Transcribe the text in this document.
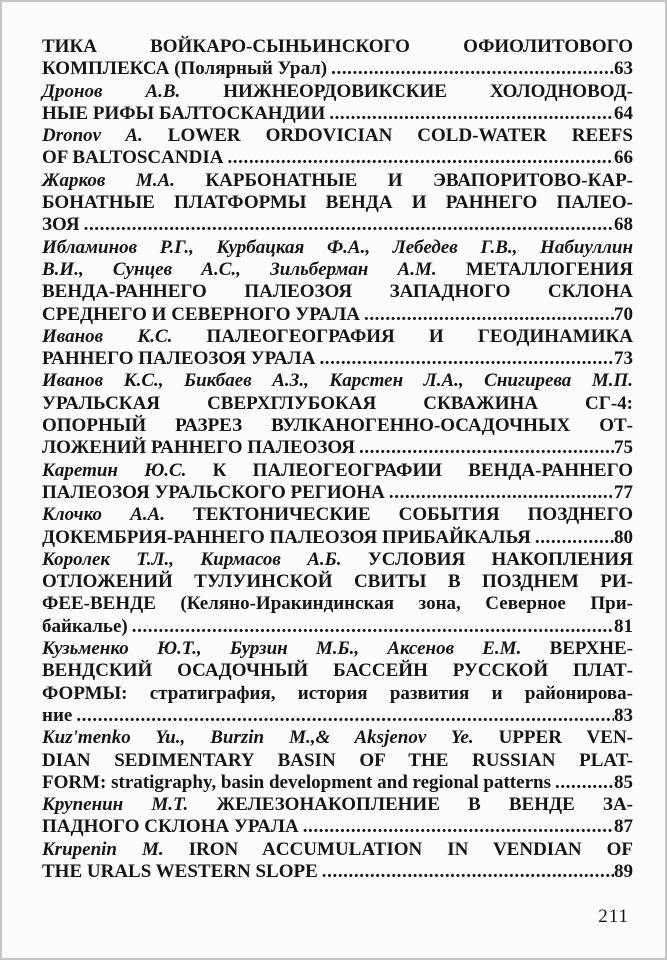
ТИКА ВОЙКАРО-СЫНЬИНСКОГО ОФИОЛИТОВОГО
КОМПЛЕКСА (Полярный Урал) .....	63
Дронов А.В. НИЖНЕОРДОВИКСКИЕ ХОЛОДНОВОД-
НЫЕ РИФЫ БАЛТОСКАНДИИ .....	64
Dronov A. LOWER ORDOVICIAN COLD-WATER REEFS
OF BALTOSCANDIA .....	66
Жарков М.А. КАРБОНАТНЫЕ И ЭВАПОРИТОВО-КАР-
БОНАТНЫЕ ПЛАТФОРМЫ ВЕНДА И РАННЕГО ПАЛЕО-
ЗОЯ .....	68
Ибламинов Р.Г., Курбацкая Ф.А., Лебедев Г.В., Набиуллин
В.И., Сунцев А.С., Зильберман А.М. МЕТАЛЛОГЕНИЯ
ВЕНДА-РАННЕГО ПАЛЕОЗОЯ ЗАПАДНОГО СКЛОНА
СРЕДНЕГО И СЕВЕРНОГО УРАЛА .....	70
Иванов К.С. ПАЛЕОГЕОГРАФИЯ И ГЕОДИНАМИКА
РАННЕГО ПАЛЕОЗОЯ УРАЛА .....	73
Иванов К.С., Бикбаев А.З., Карстен Л.А., Снигирева М.П.
УРАЛЬСКАЯ СВЕРХГЛУБОКАЯ СКВАЖИНА СГ-4:
ОПОРНЫЙ РАЗРЕЗ ВУЛКАНОГЕННО-ОСАДОЧНЫХ ОТ-
ЛОЖЕНИЙ РАННЕГО ПАЛЕОЗОЯ .....	75
Каретин Ю.С. К ПАЛЕОГЕОГРАФИИ ВЕНДА-РАННЕГО
ПАЛЕОЗОЯ УРАЛЬСКОГО РЕГИОНА .....	77
Клочко А.А. ТЕКТОНИЧЕСКИЕ СОБЫТИЯ ПОЗДНЕГО
ДОКЕМБРИЯ-РАННЕГО ПАЛЕОЗОЯ ПРИБАЙКАЛЬЯ .....	80
Королек Т.Л., Кирмасов А.Б. УСЛОВИЯ НАКОПЛЕНИЯ
ОТЛОЖЕНИЙ ТУЛУИНСКОЙ СВИТЫ В ПОЗДНЕМ РИ-
ФЕЕ-ВЕНДЕ (Келяно-Иракиндинская зона, Северное При-
байкалье) .....	81
Кузьменко Ю.Т., Бурзин М.Б., Аксенов Е.М. ВЕРХНЕ-
ВЕНДСКИЙ ОСАДОЧНЫЙ БАССЕЙН РУССКОЙ ПЛАТ-
ФОРМЫ: стратиграфия, история развития и районирова-
ние .....	83
Kuz'menko Yu., Burzin M.,& Aksjenov Ye. UPPER VEN-
DIAN SEDIMENTARY BASIN OF THE RUSSIAN PLAT-
FORM: stratigraphy, basin development and regional patterns .....	85
Крупенин М.Т. ЖЕЛЕЗОНАКОПЛЕНИЕ В ВЕНДЕ ЗА-
ПАДНОГО СКЛОНА УРАЛА .....	87
Krupenin M. IRON ACCUMULATION IN VENDIAN OF
THE URALS WESTERN SLOPE .....	89
211
